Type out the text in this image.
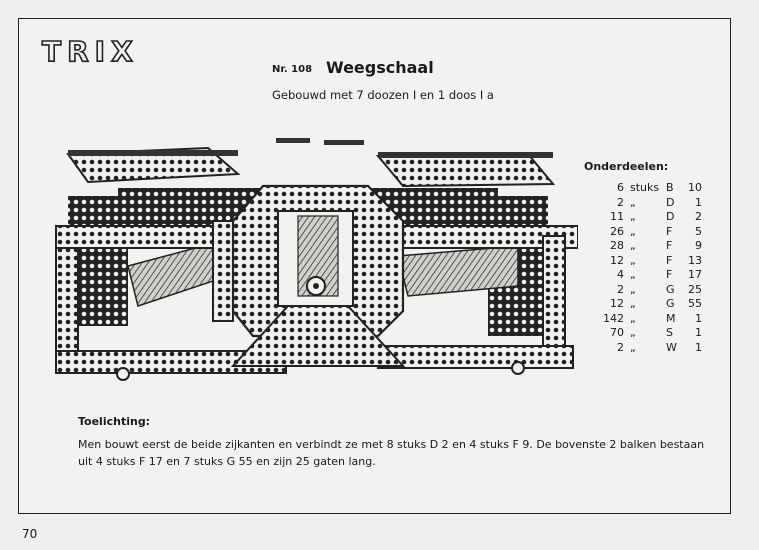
TRIX
Nr. 108 Weegschaal
Gebouwd met 7 doozen I en 1 doos I a
Onderdeelen:
6	stuks	B	10
2	„	D	1
11	„	D	2
26	„	F	5
28	„	F	9
12	„	F	13
4	„	F	17
2	„	G	25
12	„	G	55
142	„	M	1
70	„	S	1
2	„	W	1
Toelichting:

Men bouwt eerst de beide zijkanten en verbindt ze met 8 stuks D 2 en 4 stuks F 9. De bovenste 2 balken bestaan uit 4 stuks F 17 en 7 stuks G 55 en zijn 25 gaten lang.

70
